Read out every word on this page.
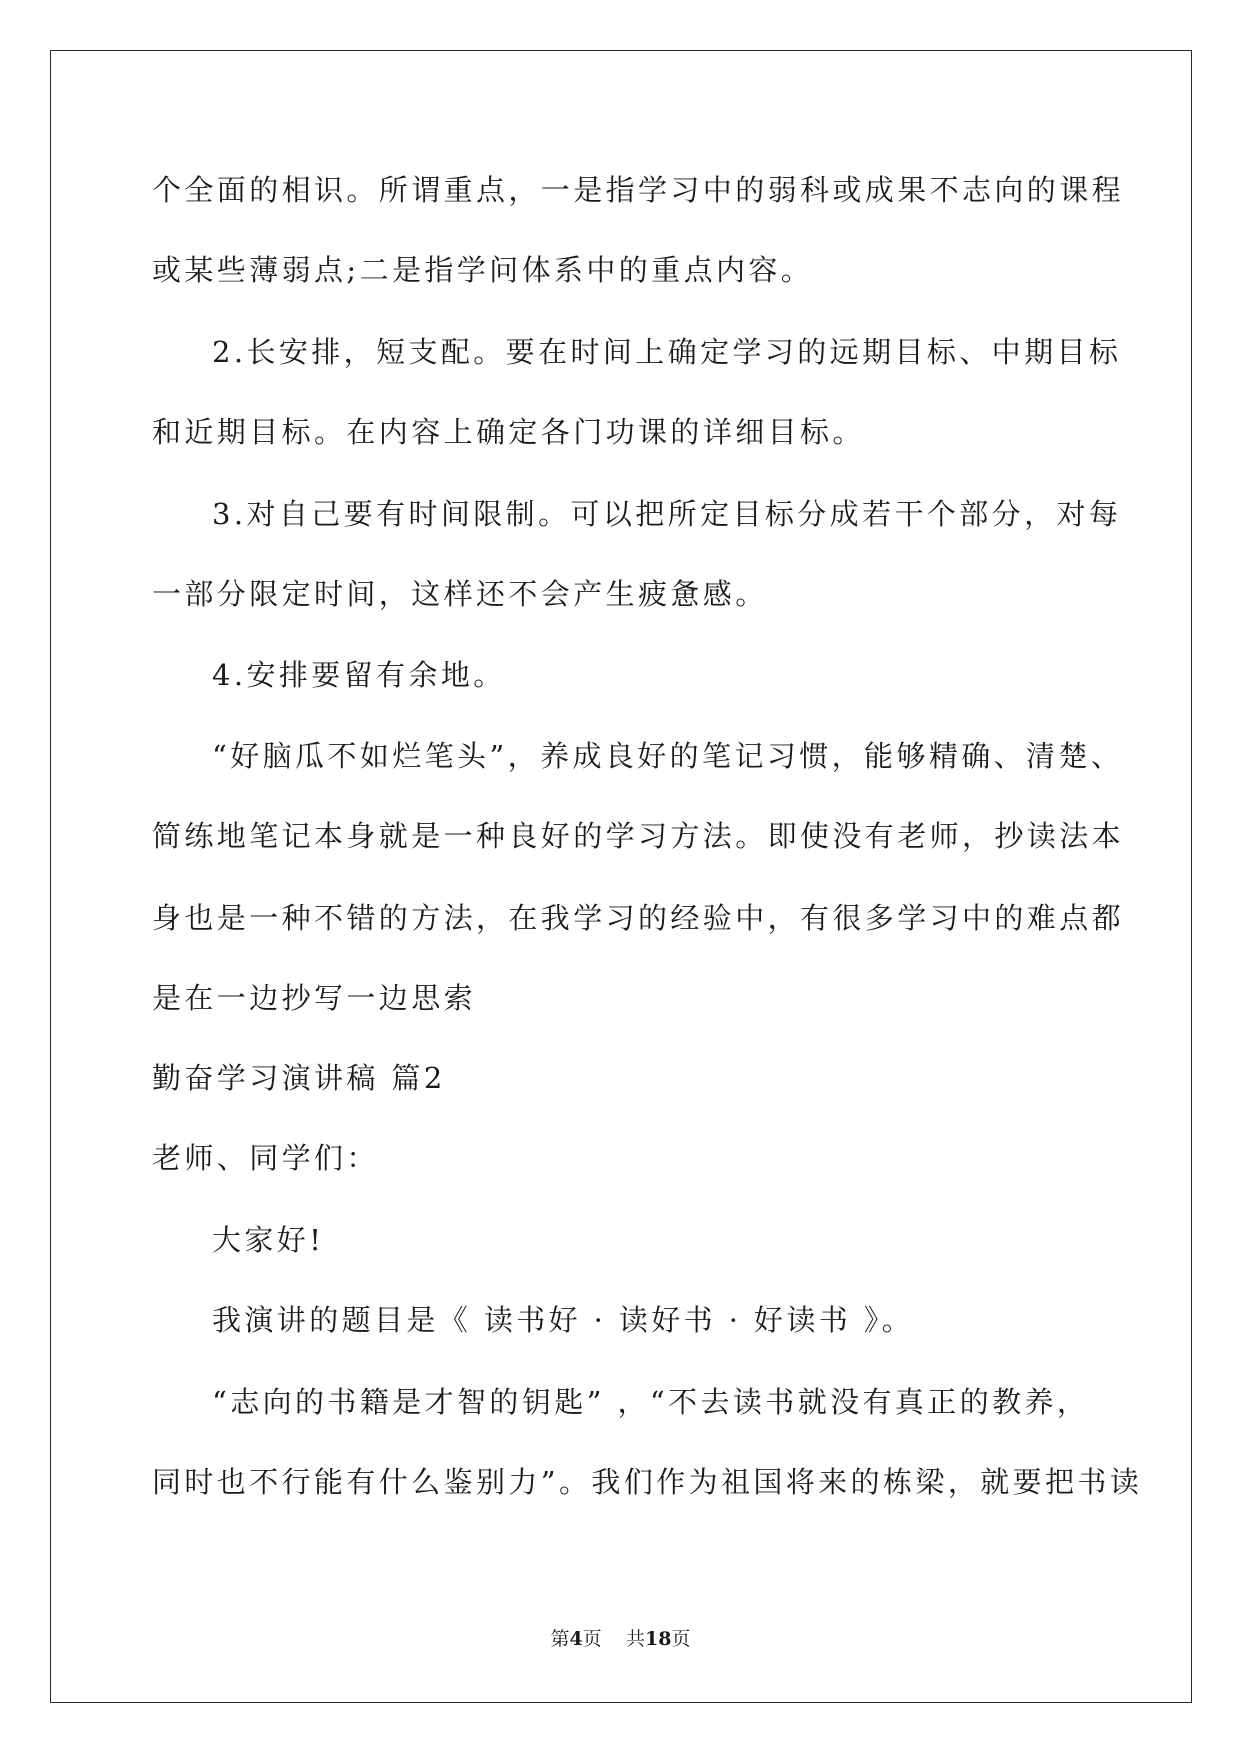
个全面的相识。所谓重点，一是指学习中的弱科或成果不志向的课程
或某些薄弱点;二是指学问体系中的重点内容。
2.长安排，短支配。要在时间上确定学习的远期目标、中期目标
和近期目标。在内容上确定各门功课的详细目标。
3.对自己要有时间限制。可以把所定目标分成若干个部分，对每
一部分限定时间，这样还不会产生疲惫感。
4.安排要留有余地。
“好脑瓜不如烂笔头”，养成良好的笔记习惯，能够精确、清楚、
简练地笔记本身就是一种良好的学习方法。即使没有老师，抄读法本
身也是一种不错的方法，在我学习的经验中，有很多学习中的难点都
是在一边抄写一边思索
勤奋学习演讲稿 篇2
老师、同学们：
大家好!
我演讲的题目是《 读书好 · 读好书 · 好读书 》。
“志向的书籍是才智的钥匙” ，“不去读书就没有真正的教养，
同时也不行能有什么鉴别力”。我们作为祖国将来的栋梁，就要把书读
第4页 共18页
